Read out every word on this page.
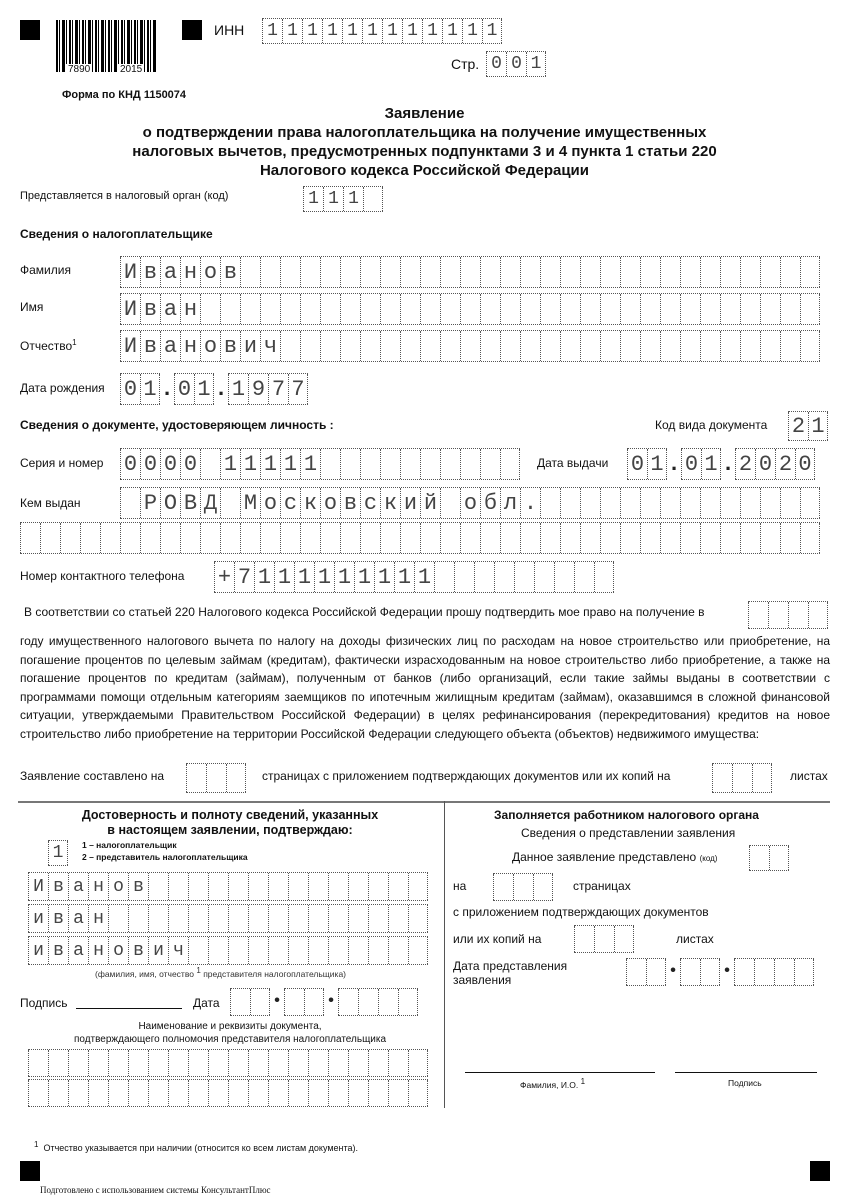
7890	2015
ИНН 1 1 1 1 1 1 1 1 1 1 1 1
Стр. 0 0 1
Форма по КНД 1150074
Заявление
о подтверждении права налогоплательщика на получение имущественных
налоговых вычетов, предусмотренных подпунктами 3 и 4 пункта 1 статьи 220
Налогового кодекса Российской Федерации
Представляется в налоговый орган (код)	1 1 1
Сведения о налогоплательщике
Фамилия И в а н о в
Имя	И в а н
Отчество$^1$ И в а н о в и ч
Дата рождения 0 1 . 0 1 . 1 9 7 7
Сведения о документе, удостоверяющем личность :	Код вида документа 2 1
Серия и номер 0 0 0 0 1 1 1 1 1	Дата выдачи 0 1 . 0 1 . 2 0 2 0
Кем выдан	Р О В Д М о с к о в с к и й о б л .
Номер контактного телефона + 7 1 1 1 1 1 1 1 1 1
В соответствии со статьей 220 Налогового кодекса Российской Федерации прошу подтвердить мое право на получение в
году имущественного налогового вычета по налогу на доходы физических лиц по расходам на новое строительство или приобретение, на погашение процентов по целевым займам (кредитам), фактически израсходованным на новое строительство либо приобретение, а также на погашение процентов по кредитам (займам), полученным от банков (либо организаций, если такие займы выданы в соответствии с программами помощи отдельным категориям заемщиков по ипотечным жилищным кредитам (займам), оказавшимся в сложной финансовой ситуации, утверждаемыми Правительством Российской Федерации) в целях рефинансирования (перекредитования) кредитов на новое строительство либо приобретение на территории Российской Федерации следующего объекта (объектов) недвижимого имущества:
Заявление составлено на	страницах с приложением подтверждающих документов или их копий на	листах
Достоверность и полноту сведений, указанных
в настоящем заявлении, подтверждаю:
1	1 – налогоплательщик
2 – представитель налогоплательщика
И в а н о в
и в а н
и в а н о в и ч
(фамилия, имя, отчество $^1$ представителя налогоплательщика)
Подпись	Дата	•	•
Наименование и реквизиты документа,
подтверждающего полномочия представителя налогоплательщика
Заполняется работником налогового органа
Сведения о представлении заявления
Данное заявление представлено (код)
на	страницах
с приложением подтверждающих документов
или их копий на	листах
Дата представления
заявления
•	•
Фамилия, И.О. $^1$	Подпись
$^1$ Отчество указывается при наличии (относится ко всем листам документа).
Подготовлено с использованием системы КонсультантПлюс
